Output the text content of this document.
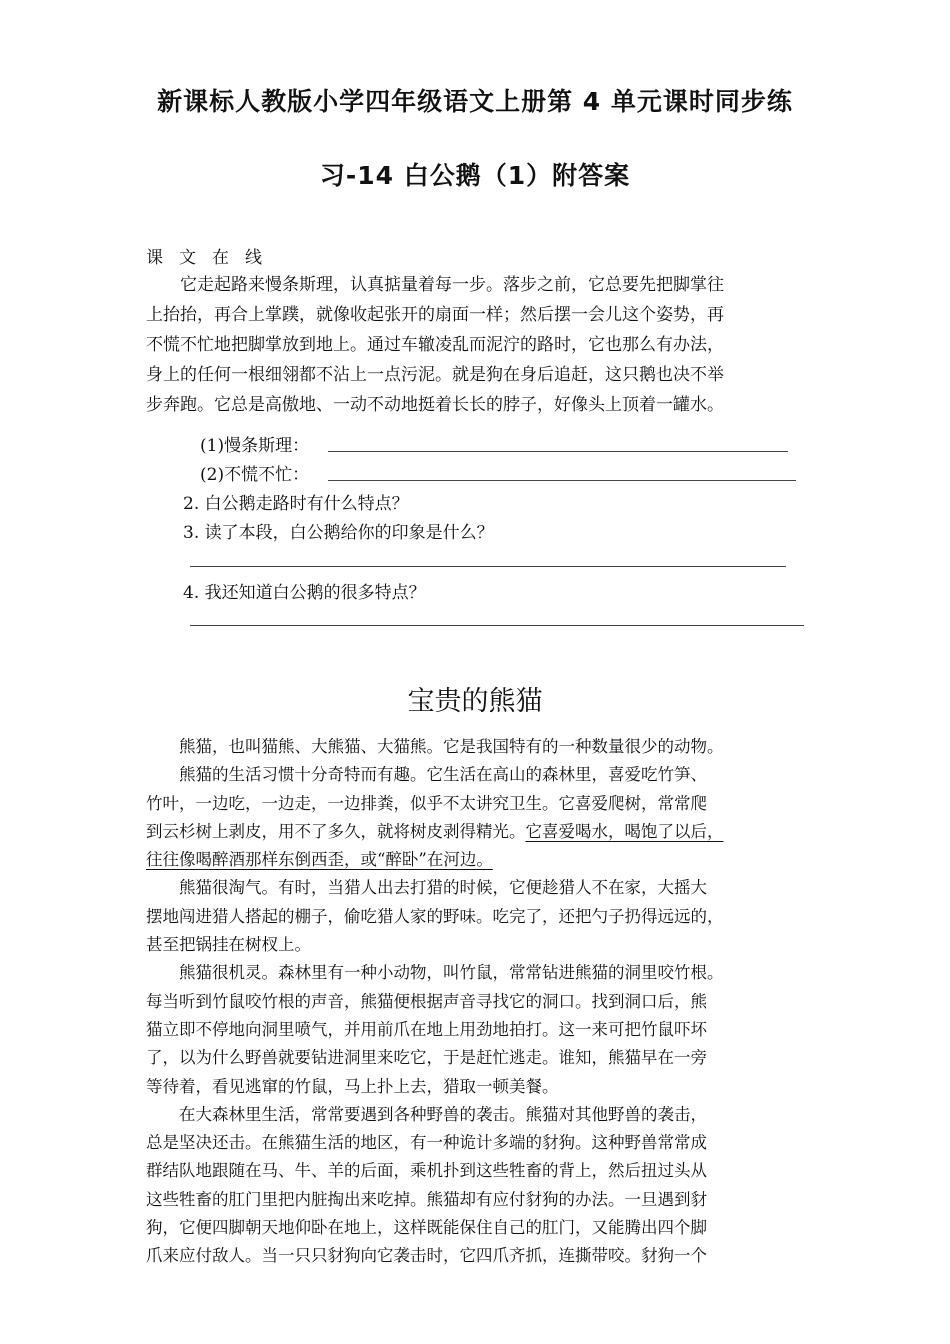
新课标人教版小学四年级语文上册第 4 单元课时同步练
习-14 白公鹅（1）附答案
课文在线
它走起路来慢条斯理，认真掂量着每一步。落步之前，它总要先把脚掌往
上抬抬，再合上掌蹼，就像收起张开的扇面一样；然后摆一会儿这个姿势，再
不慌不忙地把脚掌放到地上。通过车辙凌乱而泥泞的路时，它也那么有办法，
身上的任何一根细翎都不沾上一点污泥。就是狗在身后追赶，这只鹅也决不举
步奔跑。它总是高傲地、一动不动地挺着长长的脖子，好像头上顶着一罐水。
(1)慢条斯理：
(2)不慌不忙：
2. 白公鹅走路时有什么特点？
3. 读了本段，白公鹅给你的印象是什么？
4. 我还知道白公鹅的很多特点？
宝贵的熊猫
熊猫，也叫猫熊、大熊猫、大猫熊。它是我国特有的一种数量很少的动物。
熊猫的生活习惯十分奇特而有趣。它生活在高山的森林里，喜爱吃竹笋、
竹叶，一边吃，一边走，一边排粪，似乎不太讲究卫生。它喜爱爬树，常常爬
到云杉树上剥皮，用不了多久，就将树皮剥得精光。它喜爱喝水，喝饱了以后，
往往像喝醉酒那样东倒西歪，或“醉卧”在河边。
熊猫很淘气。有时，当猎人出去打猎的时候，它便趁猎人不在家，大摇大
摆地闯进猎人搭起的棚子，偷吃猎人家的野味。吃完了，还把勺子扔得远远的，
甚至把锅挂在树杈上。
熊猫很机灵。森林里有一种小动物，叫竹鼠，常常钻进熊猫的洞里咬竹根。
每当听到竹鼠咬竹根的声音，熊猫便根据声音寻找它的洞口。找到洞口后，熊
猫立即不停地向洞里喷气，并用前爪在地上用劲地拍打。这一来可把竹鼠吓坏
了，以为什么野兽就要钻进洞里来吃它，于是赶忙逃走。谁知，熊猫早在一旁
等待着，看见逃窜的竹鼠，马上扑上去，猎取一顿美餐。
在大森林里生活，常常要遇到各种野兽的袭击。熊猫对其他野兽的袭击，
总是坚决还击。在熊猫生活的地区，有一种诡计多端的豺狗。这种野兽常常成
群结队地跟随在马、牛、羊的后面，乘机扑到这些牲畜的背上，然后扭过头从
这些牲畜的肛门里把内脏掏出来吃掉。熊猫却有应付豺狗的办法。一旦遇到豺
狗，它便四脚朝天地仰卧在地上，这样既能保住自己的肛门，又能腾出四个脚
爪来应付敌人。当一只只豺狗向它袭击时，它四爪齐抓，连撕带咬。豺狗一个
